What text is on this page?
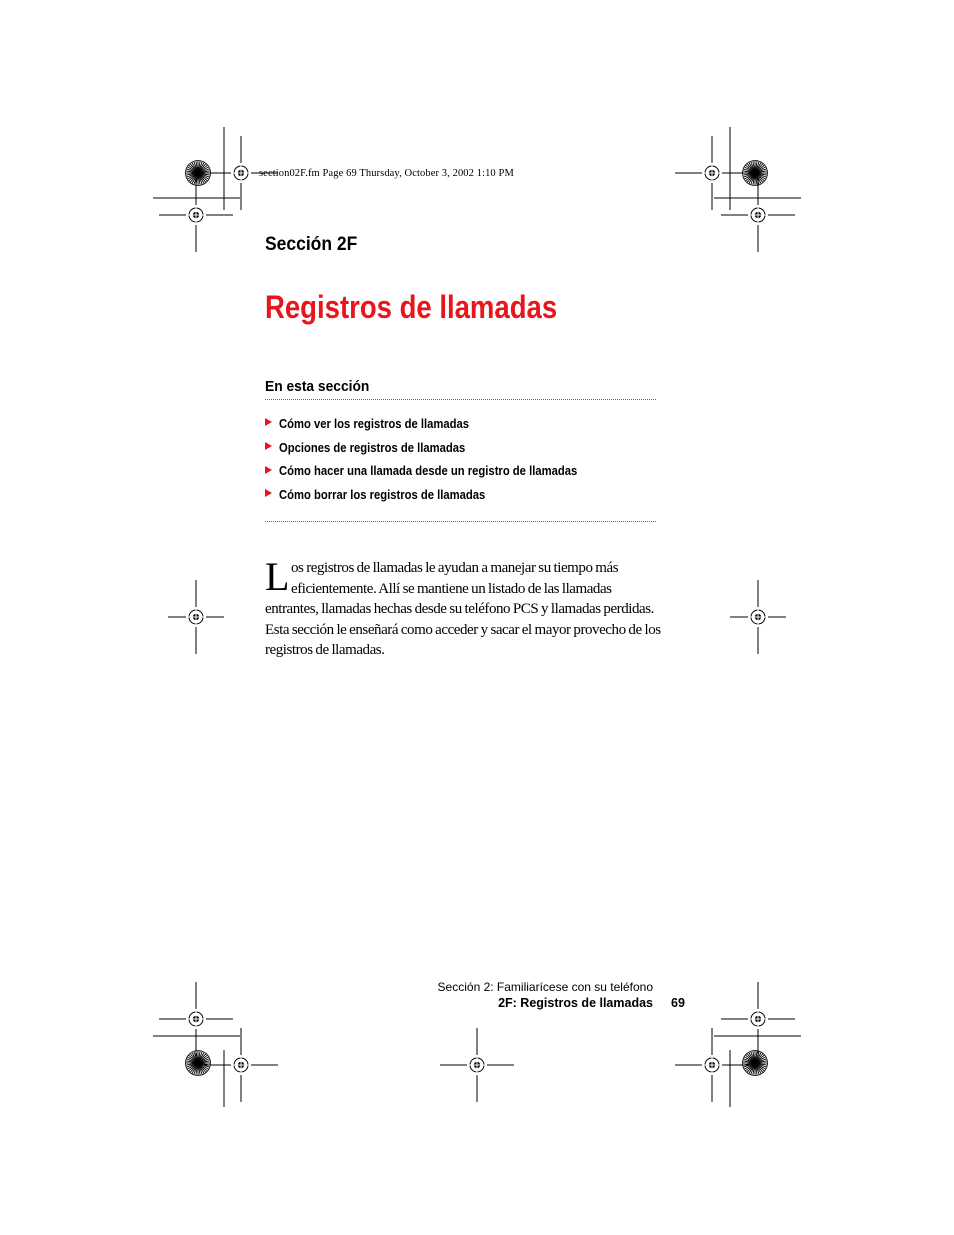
section02F.fm Page 69 Thursday, October 3, 2002 1:10 PM
Sección 2F
Registros de llamadas
En esta sección
Cómo ver los registros de llamadas
Opciones de registros de llamadas
Cómo hacer una llamada desde un registro de llamadas
Cómo borrar los registros de llamadas
Los registros de llamadas le ayudan a manejar su tiempo más eficientemente. Allí se mantiene un listado de las llamadas entrantes, llamadas hechas desde su teléfono PCS y llamadas perdidas. Esta sección le enseñará como acceder y sacar el mayor provecho de los registros de llamadas.
Sección 2: Familiarícese con su teléfono
2F: Registros de llamadas 69
